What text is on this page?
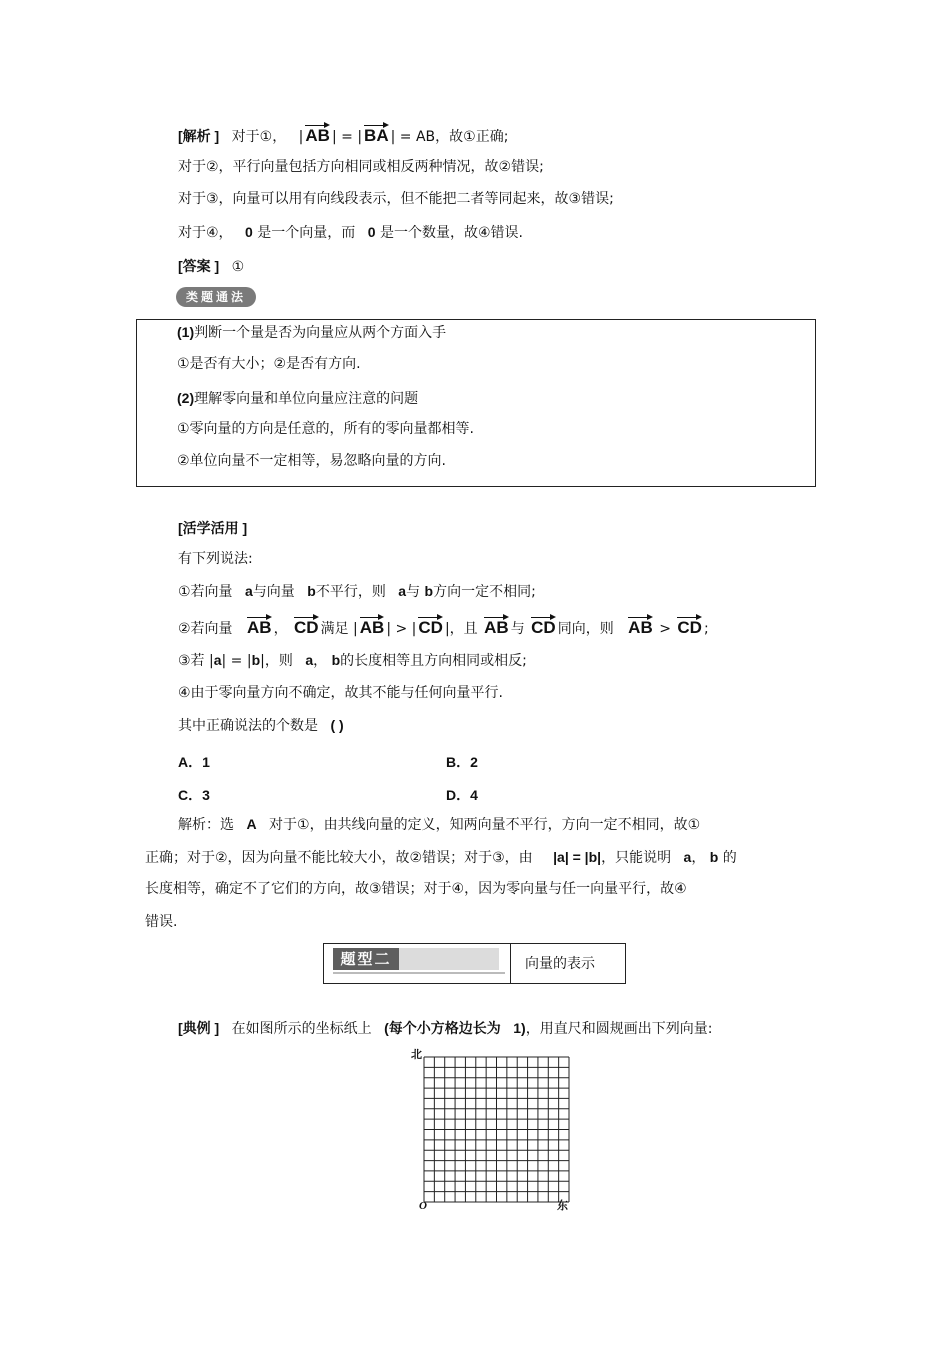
[解析 ] 对于①， | AB | = | BA | = AB，故①正确;
对于②，平行向量包括方向相同或相反两种情况，故②错误;
对于③，向量可以用有向线段表示，但不能把二者等同起来，故③错误;
对于④， 0 是一个向量，而 0 是一个数量，故④错误.
[答案 ] ①
类题通法
(1)判断一个量是否为向量应从两个方面入手
①是否有大小；②是否有方向.
(2)理解零向量和单位向量应注意的问题
①零向量的方向是任意的，所有的零向量都相等.
②单位向量不一定相等，易忽略向量的方向.
[活学活用 ]
有下列说法:
①若向量 a与向量 b不平行，则 a与 b方向一定不相同;
②若向量 AB ， CD 满足 | AB | > | CD |，且 AB 与 CD 同向，则 AB > CD ;
③若 |a| = |b|，则 a， b的长度相等且方向相同或相反;
④由于零向量方向不确定，故其不能与任何向量平行.
其中正确说法的个数是 ( )
A．1	B．2
C．3	D．4
解析：选 A 对于①，由共线向量的定义，知两向量不平行，方向一定不相同，故①
正确；对于②，因为向量不能比较大小，故②错误；对于③，由 |a| = |b|，只能说明 a， b 的
长度相等，确定不了它们的方向，故③错误；对于④，因为零向量与任一向量平行，故④
错误.
题型二	向量的表示
[典例 ] 在如图所示的坐标纸上 (每个小方格边长为 1)，用直尺和圆规画出下列向量:
北
O	东
